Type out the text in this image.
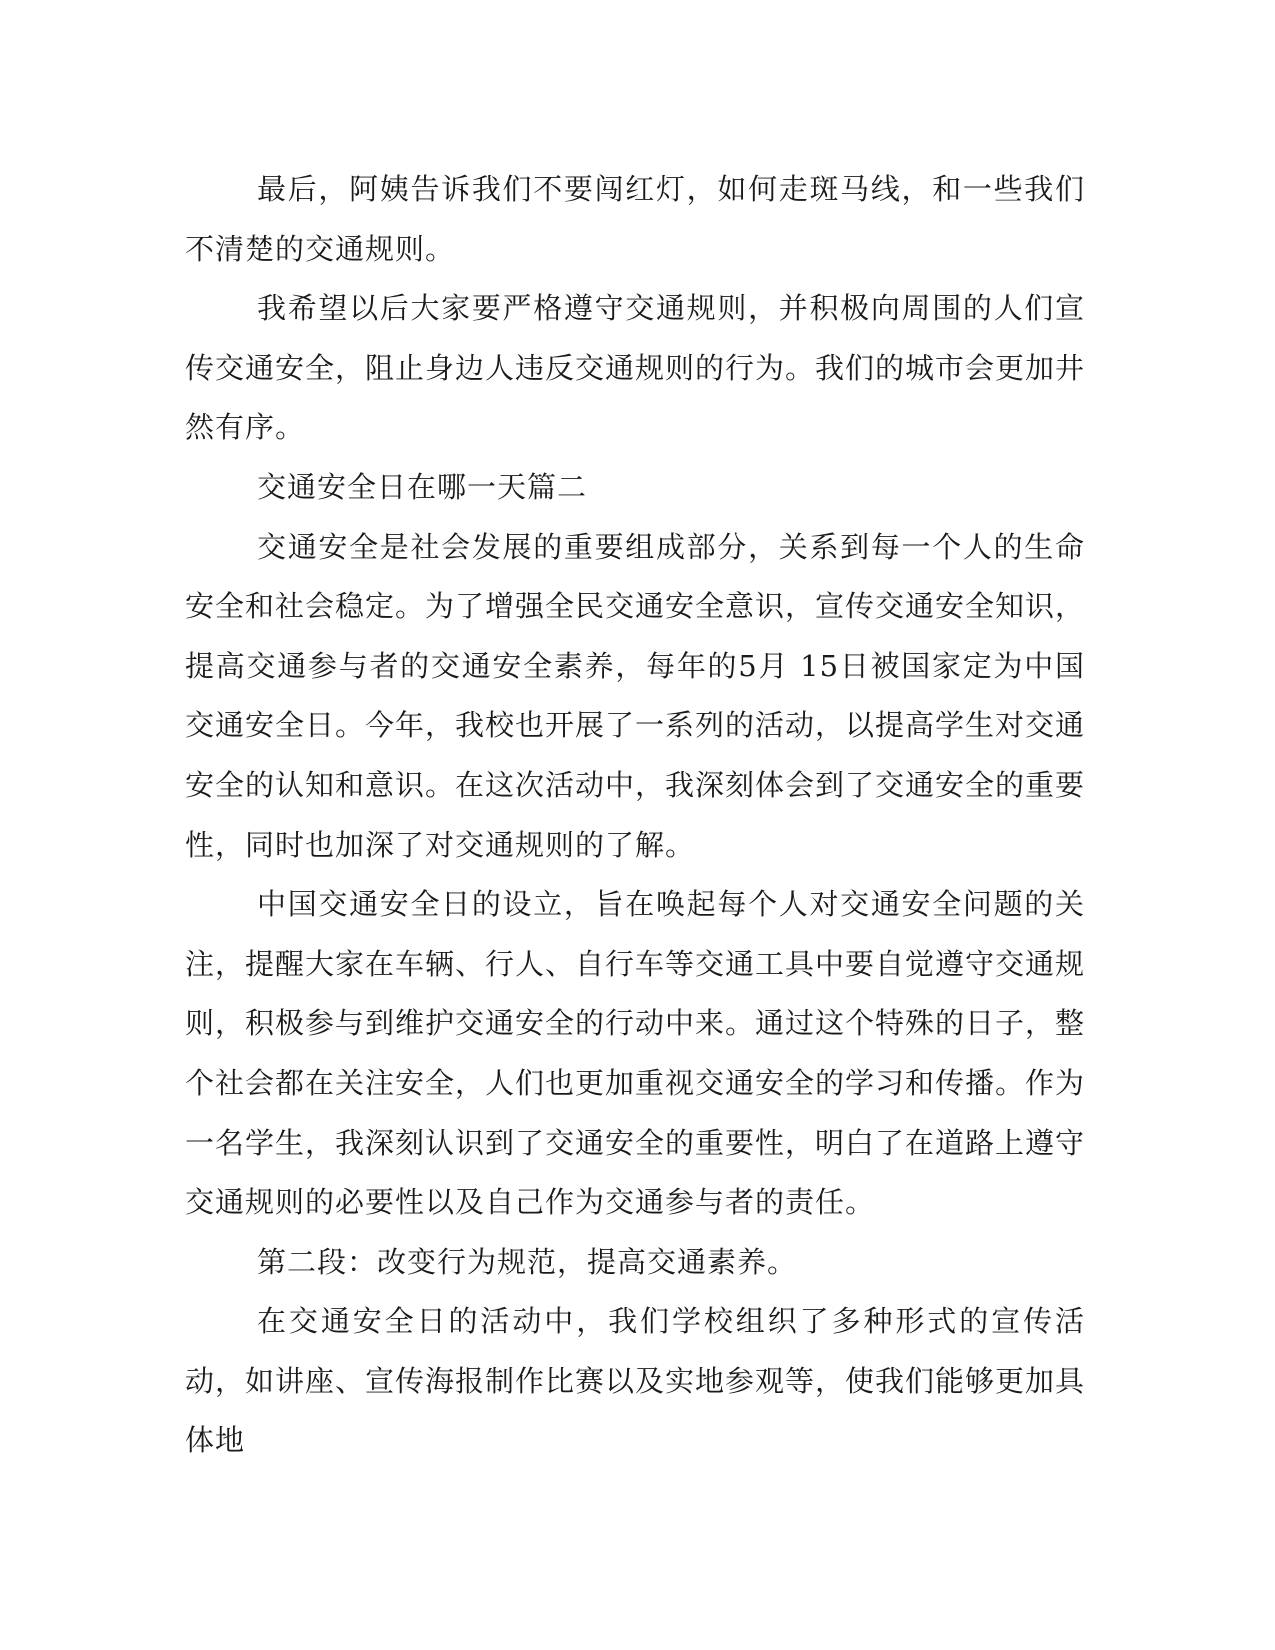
最后，阿姨告诉我们不要闯红灯，如何走斑马线，和一些我们不清楚的交通规则。

我希望以后大家要严格遵守交通规则，并积极向周围的人们宣传交通安全，阻止身边人违反交通规则的行为。我们的城市会更加井然有序。

交通安全日在哪一天篇二

交通安全是社会发展的重要组成部分，关系到每一个人的生命安全和社会稳定。为了增强全民交通安全意识，宣传交通安全知识，提高交通参与者的交通安全素养，每年的5月 15日被国家定为中国交通安全日。今年，我校也开展了一系列的活动，以提高学生对交通安全的认知和意识。在这次活动中，我深刻体会到了交通安全的重要性，同时也加深了对交通规则的了解。

中国交通安全日的设立，旨在唤起每个人对交通安全问题的关注，提醒大家在车辆、行人、自行车等交通工具中要自觉遵守交通规则，积极参与到维护交通安全的行动中来。通过这个特殊的日子，整个社会都在关注安全，人们也更加重视交通安全的学习和传播。作为一名学生，我深刻认识到了交通安全的重要性，明白了在道路上遵守交通规则的必要性以及自己作为交通参与者的责任。

第二段：改变行为规范，提高交通素养。

在交通安全日的活动中，我们学校组织了多种形式的宣传活动，如讲座、宣传海报制作比赛以及实地参观等，使我们能够更加具体地
